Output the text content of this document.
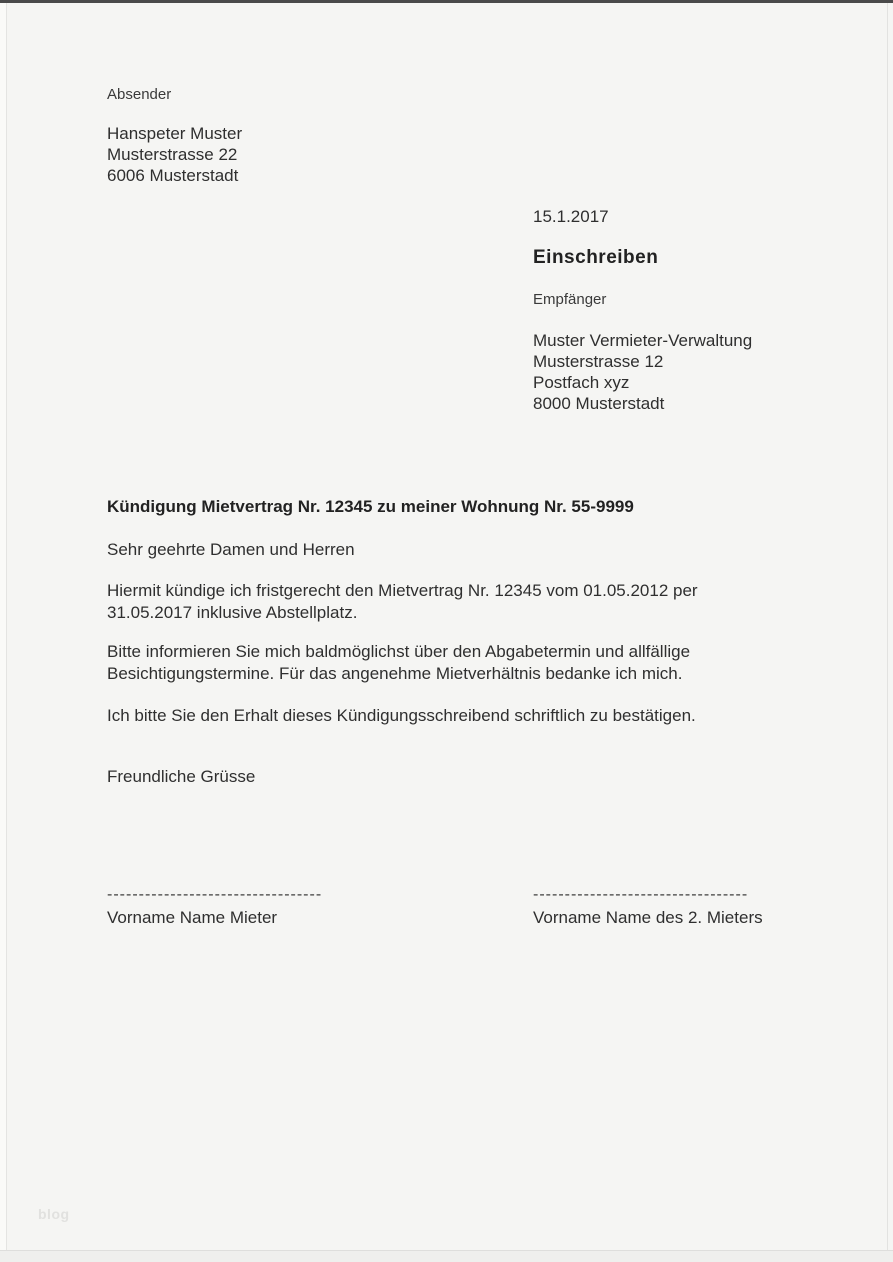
Absender
Hanspeter Muster
Musterstrasse 22
6006 Musterstadt
15.1.2017
Einschreiben
Empfänger
Muster Vermieter-Verwaltung
Musterstrasse 12
Postfach xyz
8000 Musterstadt
Kündigung Mietvertrag Nr. 12345 zu meiner Wohnung Nr. 55-9999
Sehr geehrte Damen und Herren
Hiermit kündige ich fristgerecht den Mietvertrag Nr. 12345 vom 01.05.2012 per 31.05.2017 inklusive Abstellplatz.
Bitte informieren Sie mich baldmöglichst über den Abgabetermin und allfällige Besichtigungstermine. Für das angenehme Mietverhältnis bedanke ich mich.
Ich bitte Sie den Erhalt dieses Kündigungsschreibend schriftlich zu bestätigen.
Freundliche Grüsse
----------------------------------
Vorname Name Mieter
----------------------------------
Vorname Name des 2. Mieters
blog
